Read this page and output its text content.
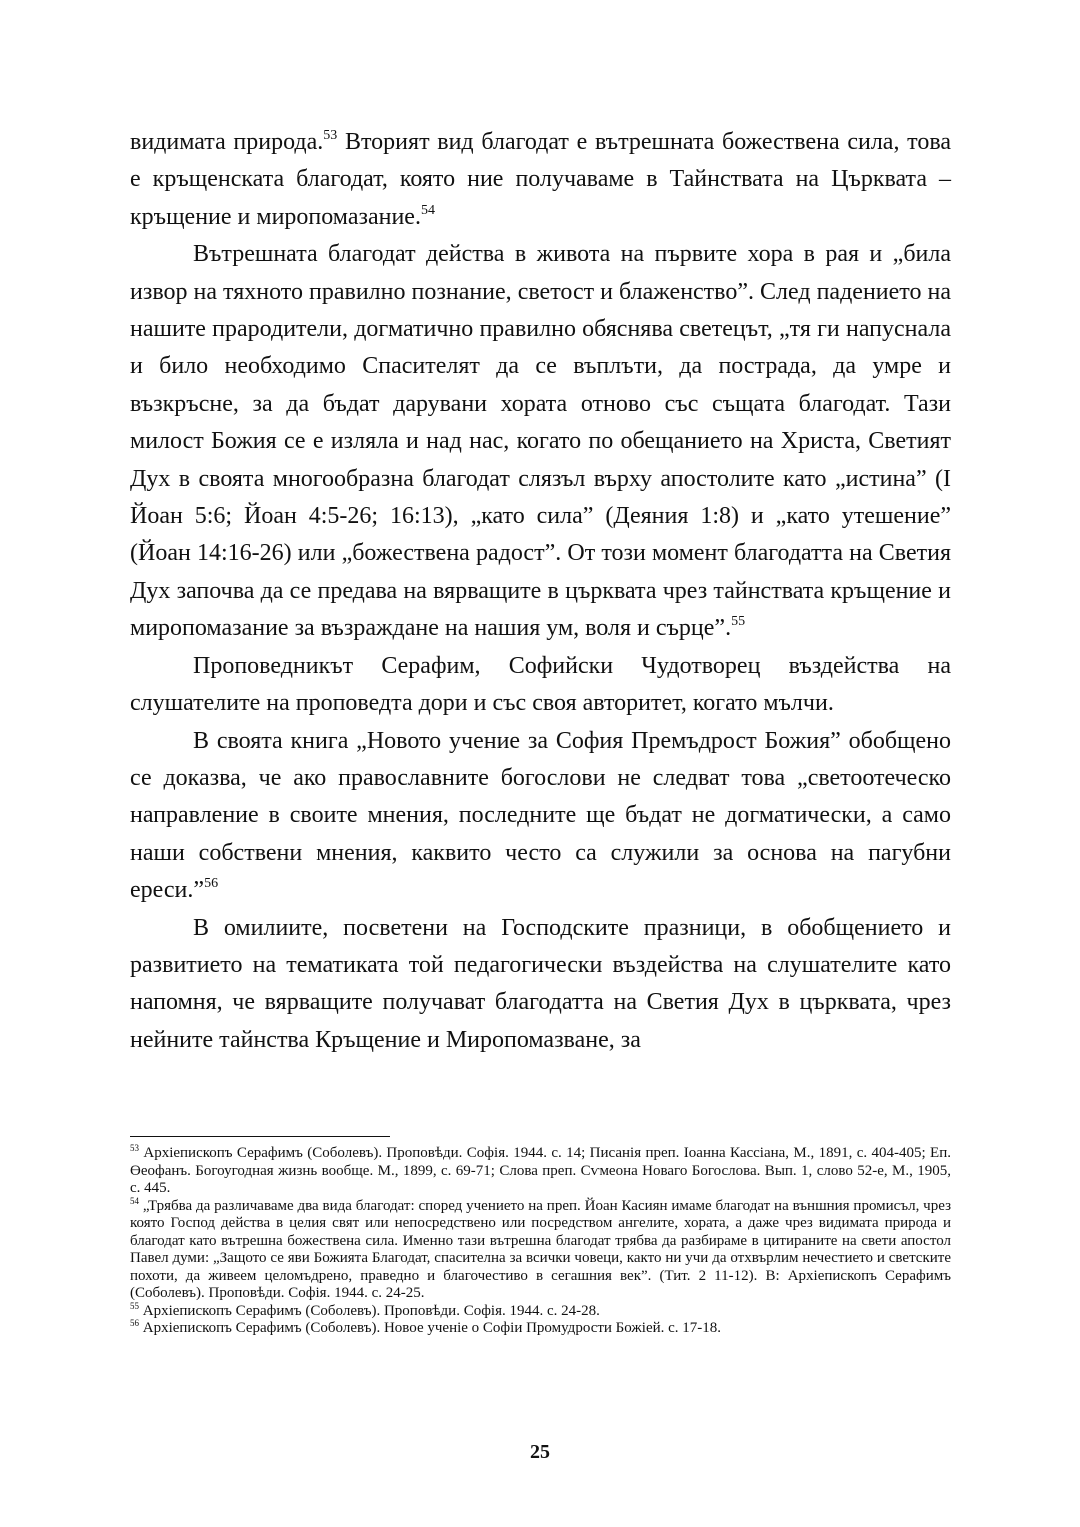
видимата природа.$^{53}$ Вторият вид благодат е вътрешната божествена сила, това е кръщенската благодат, която ние получаваме в Тайнствата на Църквата – кръщение и миропомазание.$^{54}$

Вътрешната благодат действа в живота на първите хора в рая и „била извор на тяхното правилно познание, светост и блаженство”. След падението на нашите прародители, догматично правилно обяснява светецът, „тя ги напуснала и било необходимо Спасителят да се въплъти, да пострада, да умре и възкръсне, за да бъдат дарувани хората отново със същата благодат. Тази милост Божия се е изляла и над нас, когато по обещанието на Христа, Светият Дух в своята многообразна благодат слязъл върху апостолите като „истина” (I Йоан 5:6; Йоан 4:5-26; 16:13), „като сила” (Деяния 1:8) и „като утешение” (Йоан 14:16-26) или „божествена радост”. От този момент благодатта на Светия Дух започва да се предава на вярващите в църквата чрез тайнствата кръщение и миропомазание за възраждане на нашия ум, воля и сърце”.$^{55}$

Проповедникът Серафим, Софийски Чудотворец въздейства на слушателите на проповедта дори и със своя авторитет, когато мълчи.

В своята книга „Новото учение за София Премъдрост Божия” обобщено се доказва, че ако православните богослови не следват това „светоотеческо направление в своите мнения, последните ще бъдат не догматически, а само наши собствени мнения, каквито често са служили за основа на пагубни ереси.”$^{56}$

В омилиите, посветени на Господските празници, в обобщението и развитието на тематиката той педагогически въздейства на слушателите като напомня, че вярващите получават благодатта на Светия Дух в църквата, чрез нейните тайнства Кръщение и Миропомазване, за

$^{53}$ Архiепископъ Серафимъ (Соболевъ). Проповѣди. Софiя. 1944. с. 14; Писанія преп. Іоанна Кассіана, М., 1891, с. 404-405; Еп. Өеофанъ. Богоугодная жизнь вообще. М., 1899, с. 69-71; Слова преп. Сѵмеона Новаго Богослова. Вып. 1, слово 52-е, М., 1905, с. 445.

$^{54}$ „Трябва да различаваме два вида благодат: според учението на преп. Йоан Касиян имаме благодат на външния промисъл, чрез която Господ действа в целия свят или непосредствено или посредством ангелите, хората, а даже чрез видимата природа и благодат като вътрешна божествена сила. Именно тази вътрешна благодат трябва да разбираме в цитираните на свети апостол Павел думи: „Защото се яви Божията Благодат, спасителна за всички човеци, както ни учи да отхвърлим нечестието и светските похоти, да живеем целомъдрено, праведно и благочестиво в сегашния век”. (Тит. 2 11-12). В: Архiепископъ Серафимъ (Соболевъ). Проповѣди. Софiя. 1944. с. 24-25.

$^{55}$ Архiепископъ Серафимъ (Соболевъ). Проповѣди. Софiя. 1944. с. 24-28.

$^{56}$ Архiепископъ Серафимъ (Соболевъ). Новое ученiе о Софiи Промудрости Божiей. с. 17-18.

25
